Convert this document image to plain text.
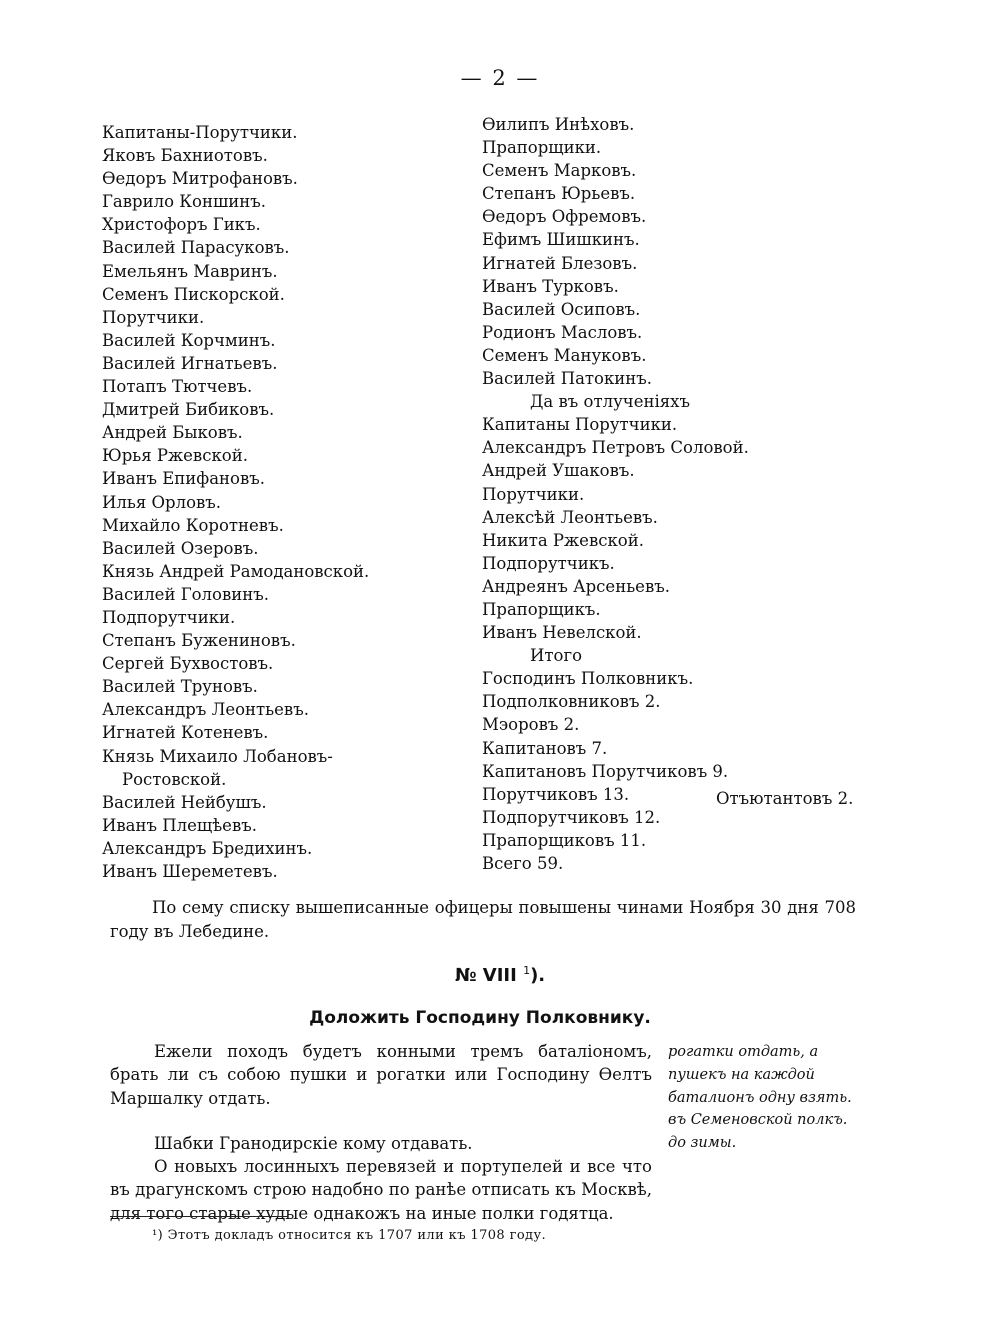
— 2 —
Капитаны-Порутчики.
Яковъ Бахниотовъ.
Өедоръ Митрофановъ.
Гаврило Коншинъ.
Христофоръ Гикъ.
Василей Парасуковъ.
Емельянъ Мавринъ.
Семенъ Пискорской.
Порутчики.
Василей Корчминъ.
Василей Игнатьевъ.
Потапъ Тютчевъ.
Дмитрей Бибиковъ.
Андрей Быковъ.
Юрья Ржевской.
Иванъ Епифановъ.
Илья Орловъ.
Михайло Коротневъ.
Василей Озеровъ.
Князь Андрей Рамодановской.
Василей Головинъ.
Подпорутчики.
Степанъ Буженинoвъ.
Сергей Бухвостовъ.
Василей Труновъ.
Александръ Леонтьевъ.
Игнатей Котеневъ.
Князь Михаило Лобановъ-
Ростовской.
Василей Нейбушъ.
Иванъ Плещѣевъ.
Александръ Бредихинъ.
Иванъ Шереметевъ.
Өилипъ Инѣховъ.
Прапорщики.
Семенъ Марковъ.
Степанъ Юрьевъ.
Өедоръ Офремовъ.
Ефимъ Шишкинъ.
Игнатей Блезовъ.
Иванъ Турковъ.
Василей Осиповъ.
Родионъ Масловъ.
Семенъ Мануковъ.
Василей Патокинъ.
Да въ отлученiяхъ
Капитаны Порутчики.
Александръ Петровъ Соловой.
Андрей Ушаковъ.
Порутчики.
Алексѣй Леонтьевъ.
Никита Ржевской.
Подпорутчикъ.
Андреянъ Арсеньевъ.
Прапорщикъ.
Иванъ Невелской.
Итого
Господинъ Полковникъ.
Подполковниковъ 2.
Мэоровъ 2.
Капитановъ 7.
Капитановъ Порутчиковъ 9.
Порутчиковъ 13.
Подпорутчиковъ 12.
Прапорщиковъ 11.
Всего 59.
Отъютантовъ 2.

По сему списку вышеписанные офицеры повышены чинами Ноября 30 дня 708 году въ Лебедине.

№ VIII $^1$).
Доложить Господину Полковнику.

Ежели походъ будетъ конными тремъ баталiономъ, брать ли съ собою пушки и рогатки или Господину Өелтъ Маршалку отдать.

Шабки Гранодирскiе кому отдавать.

О новыхъ лосинныхъ перевязей и портупелей и все что въ драгунскомъ строю надобно по ранѣе отписать къ Москвѣ, для того старые худые однакожъ на иные полки годятца.

рогатки отдать, а пушекъ на каждой баталионъ одну взять.

въ Семеновской полкъ.

до зимы.

¹) Этотъ докладъ относится къ 1707 или къ 1708 году.
